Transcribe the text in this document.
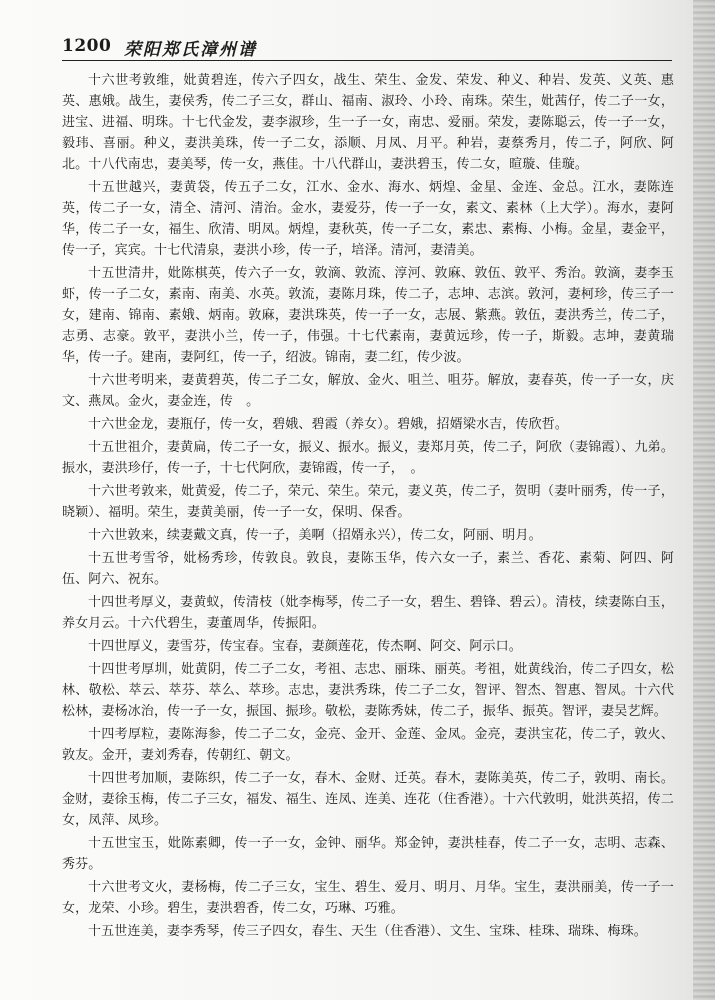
1200 荣阳郑氏漳州谱

十六世考敦维，妣黄碧连，传六子四女，战生、荣生、金发、荣发、种义、种岩、发英、义英、惠英、惠娥。战生，妻侯秀，传二子三女，群山、福南、淑玲、小玲、南珠。荣生，妣茜仔，传二子一女，进宝、进福、明珠。十七代金发，妻李淑珍，生一子一女，南忠、爱丽。荣发，妻陈聪云，传一子一女，毅玮、喜丽。种义，妻洪美珠，传一子二女，添顺、月凤、月平。种岩，妻蔡秀月，传二子，阿欣、阿北。十八代南忠，妻美琴，传一女，燕佳。十八代群山，妻洪碧玉，传二女，暄璇、佳璇。

十五世越兴，妻黄袋，传五子二女，江水、金水、海水、炳煌、金星、金连、金总。江水，妻陈连英，传二子一女，清全、清河、清治。金水，妻爱芬，传一子一女，素文、素林（上大学）。海水，妻阿华，传二子一女，福生、欣清、明凤。炳煌，妻秋英，传一子二女，素忠、素梅、小梅。金星，妻金平，传一子，宾宾。十七代清泉，妻洪小珍，传一子，培泽。清河，妻清美。

十五世清井，妣陈棋英，传六子一女，敦滴、敦流、淳河、敦麻、敦伍、敦平、秀治。敦滴，妻李玉虾，传一子二女，素南、南美、水英。敦流，妻陈月珠，传二子，志坤、志滨。敦河，妻柯珍，传三子一女，建南、锦南、素娥、炳南。敦麻，妻洪珠英，传一子一女，志展、紫燕。敦伍，妻洪秀兰，传二子，志勇、志豪。敦平，妻洪小兰，传一子，伟强。十七代素南，妻黄远珍，传一子，斯毅。志坤，妻黄瑞华，传一子。建南，妻阿红，传一子，绍波。锦南，妻二红，传少波。

十六世考明来，妻黄碧英，传二子二女，解放、金火、咀兰、咀芬。解放，妻春英，传一子一女，庆文、燕凤。金火，妻金连，传　。

十六世金龙，妻瓶仔，传一女，碧娥、碧霞（养女）。碧娥，招婿梁水吉，传欣哲。

十五世祖介，妻黄扁，传二子一女，振义、振水。振义，妻郑月英，传二子，阿欣（妻锦霞）、九弟。振水，妻洪珍仔，传一子，十七代阿欣，妻锦霞，传一子，　。

十六世考敦来，妣黄爱，传二子，荣元、荣生。荣元，妻义英，传二子，贺明（妻叶丽秀，传一子，晓颖）、福明。荣生，妻黄美丽，传一子一女，保明、保香。

十六世敦来，续妻戴文真，传一子，美啊（招婿永兴），传二女，阿丽、明月。

十五世考雪爷，妣杨秀珍，传敦良。敦良，妻陈玉华，传六女一子，素兰、香花、素菊、阿四、阿伍、阿六、祝东。

十四世考厚义，妻黄蚁，传清枝（妣李梅琴，传二子一女，碧生、碧锋、碧云）。清枝，续妻陈白玉，养女月云。十六代碧生，妻董周华，传振阳。

十四世厚义，妻雪芬，传宝春。宝春，妻颜莲花，传杰啊、阿交、阿示口。

十四世考厚圳，妣黄阴，传二子二女，考祖、志忠、丽珠、丽英。考祖，妣黄线治，传二子四女，松林、敬松、萃云、萃芬、萃么、萃珍。志忠，妻洪秀珠，传二子二女，智评、智杰、智惠、智凤。十六代松林，妻杨冰治，传一子一女，振国、振珍。敬松，妻陈秀妹，传二子，振华、振英。智评，妻吴艺辉。

十四考厚粒，妻陈海参，传二子二女，金亮、金开、金莲、金凤。金亮，妻洪宝花，传二子，敦火、敦友。金开，妻刘秀春，传朝红、朝文。

十四世考加顺，妻陈织，传二子一女，春木、金财、迁英。春木，妻陈美英，传二子，敦明、南长。金财，妻徐玉梅，传二子三女，福发、福生、连凤、连美、连花（住香港）。十六代敦明，妣洪英招，传二女，凤萍、凤珍。

十五世宝玉，妣陈素卿，传一子一女，金钟、丽华。郑金钟，妻洪桂春，传二子一女，志明、志森、秀芬。

十六世考文火，妻杨梅，传二子三女，宝生、碧生、爱月、明月、月华。宝生，妻洪丽美，传一子一女，龙荣、小珍。碧生，妻洪碧香，传二女，巧琳、巧雅。

十五世连美，妻李秀琴，传三子四女，春生、天生（住香港）、文生、宝珠、桂珠、瑞珠、梅珠。
